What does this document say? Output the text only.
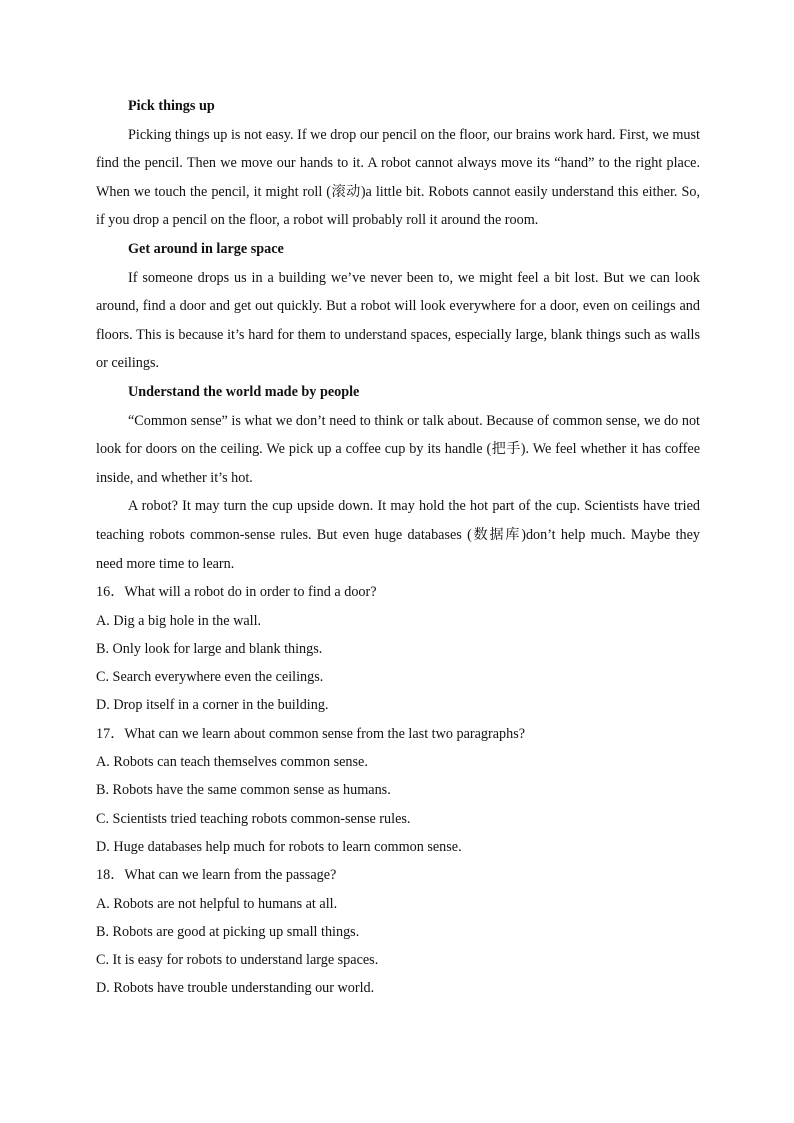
Pick things up

Picking things up is not easy. If we drop our pencil on the floor, our brains work hard. First, we must find the pencil. Then we move our hands to it. A robot cannot always move its “hand” to the right place. When we touch the pencil, it might roll (滚动)a little bit. Robots cannot easily understand this either. So, if you drop a pencil on the floor, a robot will probably roll it around the room.

Get around in large space

If someone drops us in a building we’ve never been to, we might feel a bit lost. But we can look around, find a door and get out quickly. But a robot will look everywhere for a door, even on ceilings and floors. This is because it’s hard for them to understand spaces, especially large, blank things such as walls or ceilings.

Understand the world made by people

“Common sense” is what we don’t need to think or talk about. Because of common sense, we do not look for doors on the ceiling. We pick up a coffee cup by its handle (把手). We feel whether it has coffee inside, and whether it’s hot.

A robot? It may turn the cup upside down. It may hold the hot part of the cup. Scientists have tried teaching robots common-sense rules. But even huge databases (数据库)don’t help much. Maybe they need more time to learn.

16．What will a robot do in order to find a door?

A. Dig a big hole in the wall.

B. Only look for large and blank things.

C. Search everywhere even the ceilings.

D. Drop itself in a corner in the building.

17．What can we learn about common sense from the last two paragraphs?

A. Robots can teach themselves common sense.

B. Robots have the same common sense as humans.

C. Scientists tried teaching robots common-sense rules.

D. Huge databases help much for robots to learn common sense.

18．What can we learn from the passage?

A. Robots are not helpful to humans at all.

B. Robots are good at picking up small things.

C. It is easy for robots to understand large spaces.

D. Robots have trouble understanding our world.
